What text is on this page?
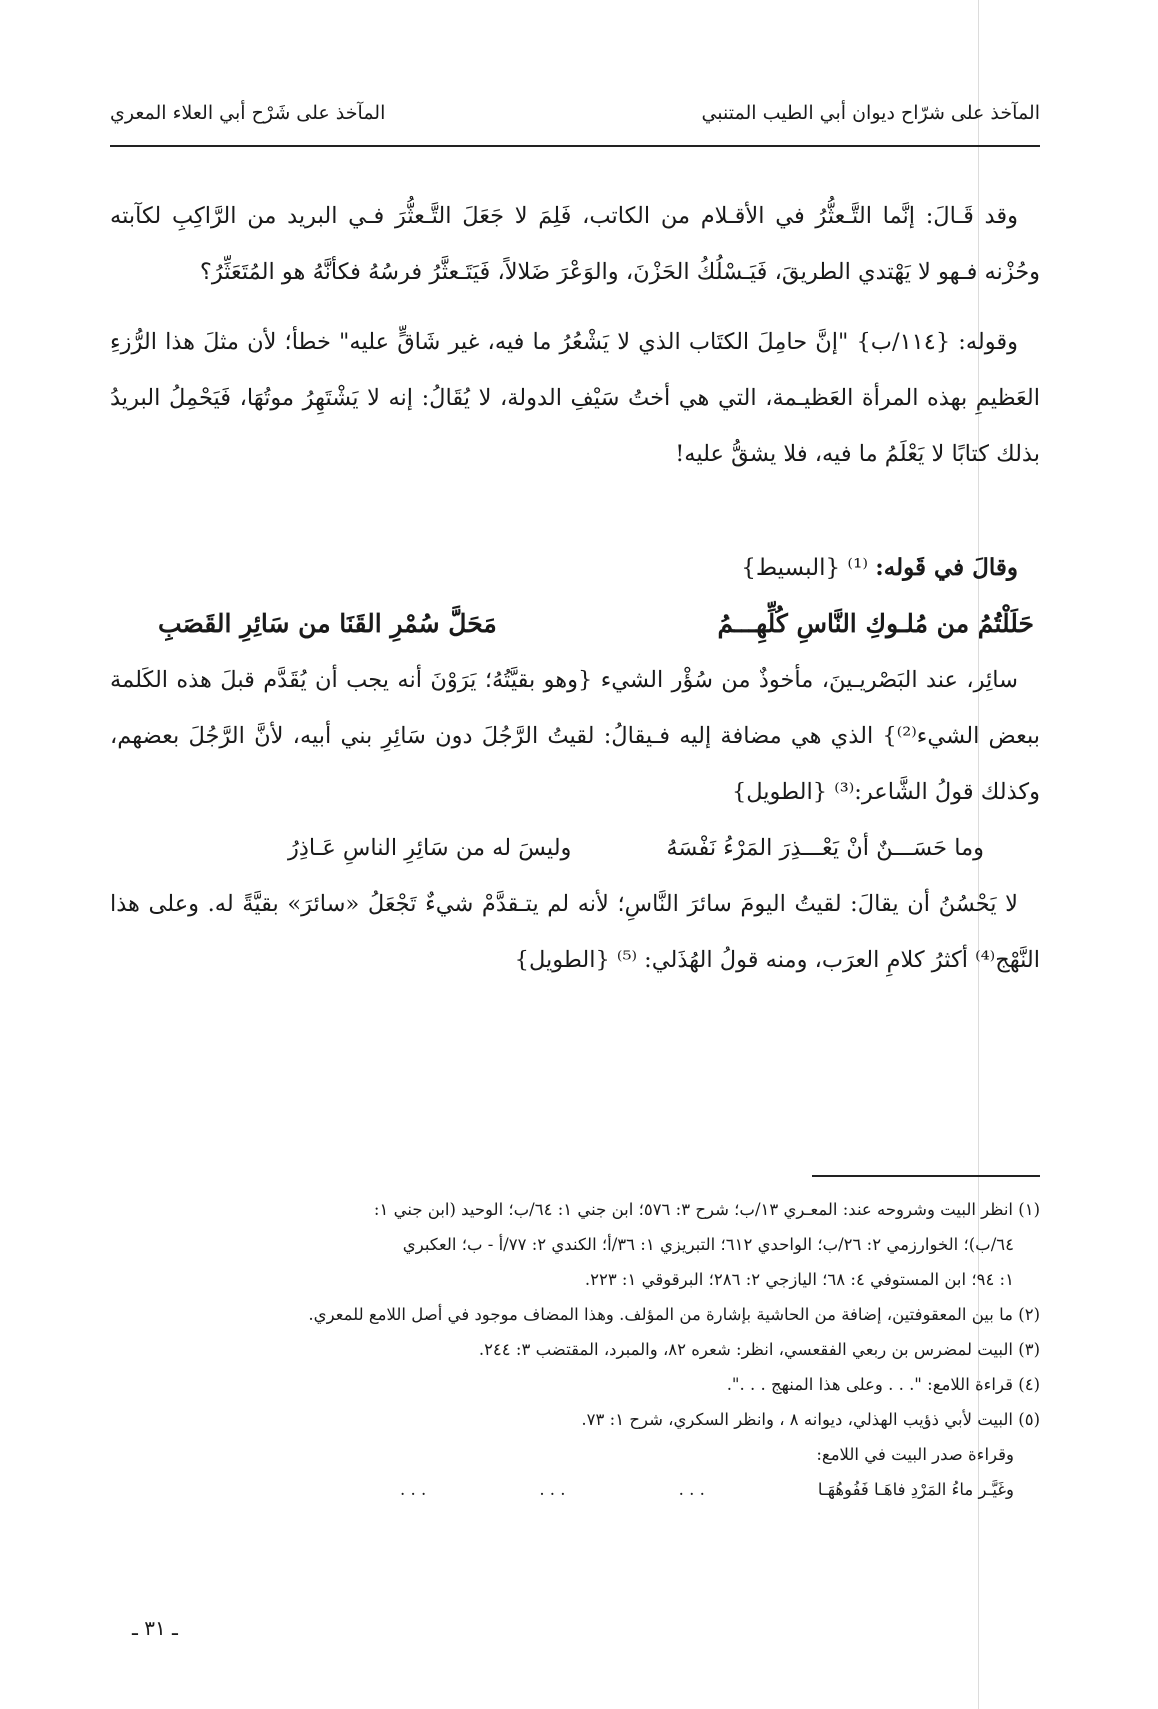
المآخذ على شرّاح ديوان أبي الطيب المتنبي
المآخذ على شَرْح أبي العلاء المعري

وقد قَـالَ: إنَّما التَّـعثُّرُ في الأقـلام من الكاتب، فَلِمَ لا جَعَلَ التَّـعثُّرَ فـي البريد من الرَّاكِبِ لكآبته وحُزْنه فـهو لا يَهْتدي الطريقَ، فَيَـسْلُكُ الحَزْنَ، والوَعْرَ ضَلالاً، فَيَتَـعثَّرُ فرسُهُ فكأنَّهُ هو المُتَعَثِّرُ؟

وقوله: {١١٤/ب} "إنَّ حامِلَ الكتَاب الذي لا يَشْعُرُ ما فيه، غير شَاقٍّ عليه" خطأ؛ لأن مثلَ هذا الرُّزءِ العَظيمِ بهذه المرأة العَظيـمة، التي هي أختُ سَيْفِ الدولة، لا يُقَالُ: إنه لا يَشْتَهِرُ موتُهَا، فَيَحْمِلُ البريدُ بذلك كتابًا لا يَعْلَمُ ما فيه، فلا يشقُّ عليه!

وقالَ في قَوله: ⁽¹⁾ {البسيط}

حَلَلْتُمُ من مُلـوكِ النَّاسِ كُلِّهِـــمُ
مَحَلَّ سُمْرِ القَنَا من سَائِرِ القَصَبِ

سائِر، عند البَصْريـينَ، مأخوذٌ من سُؤْر الشيء {وهو بقيَّتُهُ؛ يَرَوْنَ أنه يجب أن يُقَدَّم قبلَ هذه الكَلمة ببعض الشيء⁽²⁾} الذي هي مضافة إليه فـيقالُ: لقيتُ الرَّجُلَ دون سَائِرِ بني أبيه، لأنَّ الرَّجُلَ بعضهم، وكذلك قولُ الشَّاعر:⁽³⁾ {الطويل}

وما حَسَـــنٌ أنْ يَعْـــذِرَ المَرْءُ نَفْسَهُ
وليسَ له من سَائِرِ الناسِ عَـاذِرُ

لا يَحْسُنُ أن يقالَ: لقيتُ اليومَ سائرَ النَّاسِ؛ لأنه لم يتـقدَّمْ شيءٌ تَجْعَلُ «سائرَ» بقيَّةً له. وعلى هذا النَّهْج⁽⁴⁾ أكثرُ كلامِ العرَب، ومنه قولُ الهُذَلي: ⁽⁵⁾ {الطويل}

(١) انظر البيت وشروحه عند: المعـري ١٣/ب؛ شرح ٣: ٥٧٦؛ ابن جني ١: ٦٤/ب؛ الوحيد (ابن جني ١:

٦٤/ب)؛ الخوارزمي ٢: ٢٦/ب؛ الواحدي ٦١٢؛ التبريزي ١: ٣٦/أ؛ الكندي ٢: ٧٧/أ - ب؛ العكبري

١: ٩٤؛ ابن المستوفي ٤: ٦٨؛ اليازجي ٢: ٢٨٦؛ البرقوقي ١: ٢٢٣.

(٢) ما بين المعقوفتين، إضافة من الحاشية بإشارة من المؤلف. وهذا المضاف موجود في أصل اللامع للمعري.

(٣) البيت لمضرس بن ربعي الفقعسي، انظر: شعره ٨٢، والمبرد، المقتضب ٣: ٢٤٤.

(٤) قراءة اللامع: ". . . وعلى هذا المنهج . . .".

(٥) البيت لأبي ذؤيب الهذلي، ديوانه ٨ ، وانظر السكري، شرح ١: ٧٣.

وقراءة صدر البيت في اللامع:

وغَيَّـر ماءُ المَرْدِ فاهَـا فَفُوهُهَـا
. . .
. . .
. . .
ـ ٣١ ـ
